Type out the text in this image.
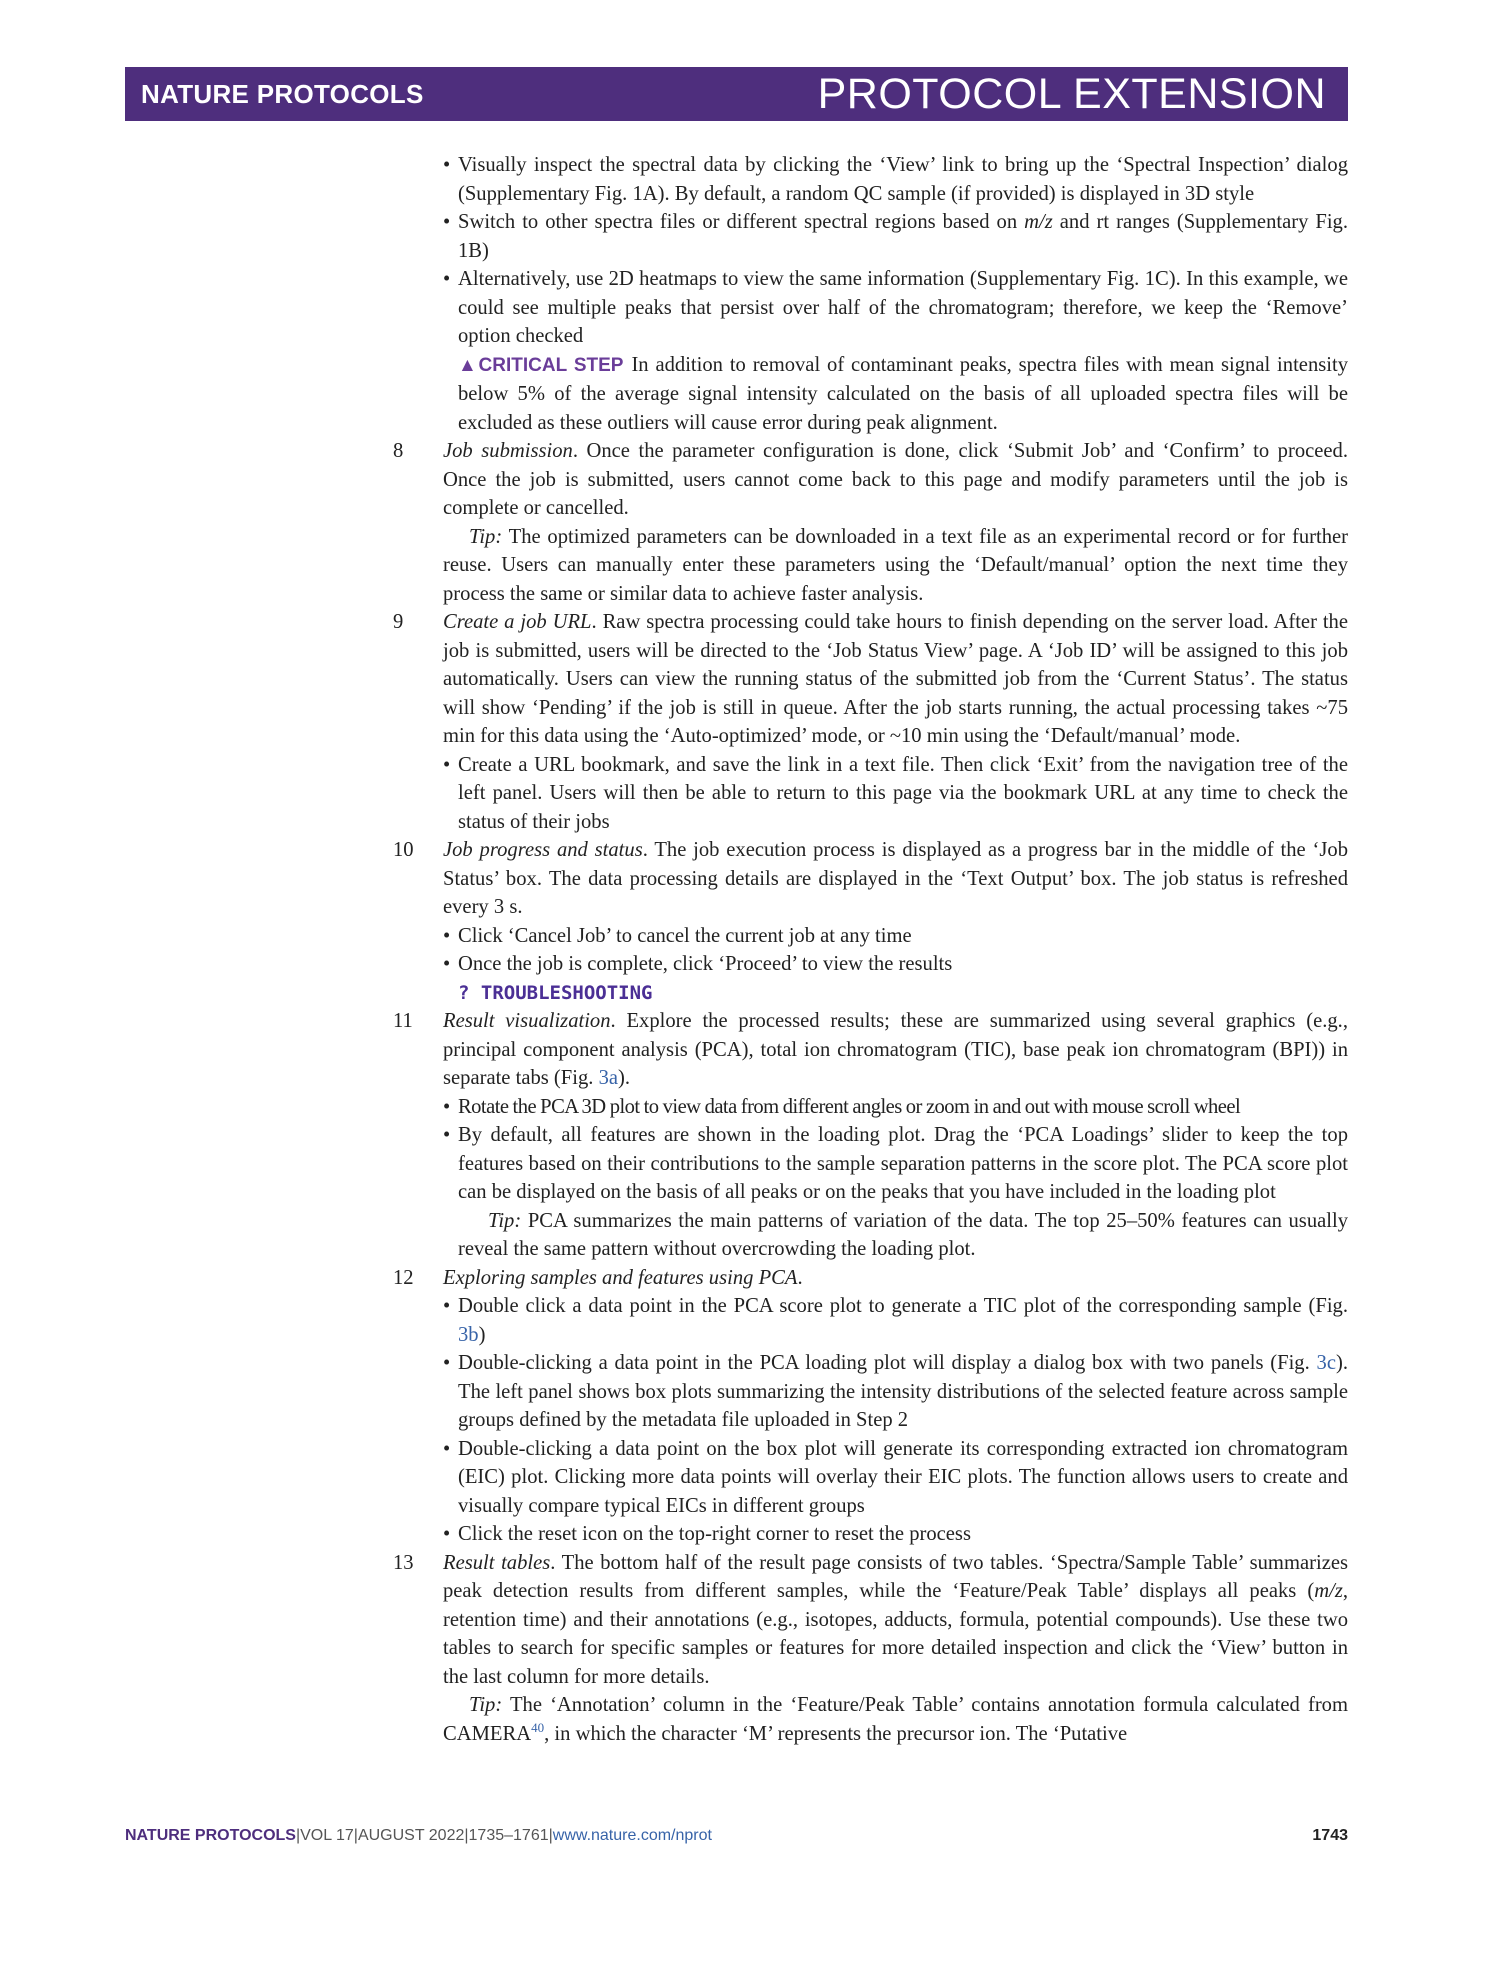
NATURE PROTOCOLS	PROTOCOL EXTENSION
• Visually inspect the spectral data by clicking the ‘View’ link to bring up the ‘Spectral Inspection’ dialog (Supplementary Fig. 1A). By default, a random QC sample (if provided) is displayed in 3D style
• Switch to other spectra files or different spectral regions based on m/z and rt ranges (Supplementary Fig. 1B)
• Alternatively, use 2D heatmaps to view the same information (Supplementary Fig. 1C). In this example, we could see multiple peaks that persist over half of the chromatogram; therefore, we keep the ‘Remove’ option checked
▲CRITICAL STEP In addition to removal of contaminant peaks, spectra files with mean signal intensity below 5% of the average signal intensity calculated on the basis of all uploaded spectra files will be excluded as these outliers will cause error during peak alignment.
8 Job submission. Once the parameter configuration is done, click ‘Submit Job’ and ‘Confirm’ to proceed. Once the job is submitted, users cannot come back to this page and modify parameters until the job is complete or cancelled.
Tip: The optimized parameters can be downloaded in a text file as an experimental record or for further reuse. Users can manually enter these parameters using the ‘Default/manual’ option the next time they process the same or similar data to achieve faster analysis.
9 Create a job URL. Raw spectra processing could take hours to finish depending on the server load. After the job is submitted, users will be directed to the ‘Job Status View’ page. A ‘Job ID’ will be assigned to this job automatically. Users can view the running status of the submitted job from the ‘Current Status’. The status will show ‘Pending’ if the job is still in queue. After the job starts running, the actual processing takes ~75 min for this data using the ‘Auto-optimized’ mode, or ~10 min using the ‘Default/manual’ mode.
• Create a URL bookmark, and save the link in a text file. Then click ‘Exit’ from the navigation tree of the left panel. Users will then be able to return to this page via the bookmark URL at any time to check the status of their jobs
10 Job progress and status. The job execution process is displayed as a progress bar in the middle of the ‘Job Status’ box. The data processing details are displayed in the ‘Text Output’ box. The job status is refreshed every 3 s.
• Click ‘Cancel Job’ to cancel the current job at any time
• Once the job is complete, click ‘Proceed’ to view the results
? TROUBLESHOOTING
11 Result visualization. Explore the processed results; these are summarized using several graphics (e.g., principal component analysis (PCA), total ion chromatogram (TIC), base peak ion chromatogram (BPI)) in separate tabs (Fig. 3a).
• Rotate the PCA 3D plot to view data from different angles or zoom in and out with mouse scroll wheel
• By default, all features are shown in the loading plot. Drag the ‘PCA Loadings’ slider to keep the top features based on their contributions to the sample separation patterns in the score plot. The PCA score plot can be displayed on the basis of all peaks or on the peaks that you have included in the loading plot
Tip: PCA summarizes the main patterns of variation of the data. The top 25–50% features can usually reveal the same pattern without overcrowding the loading plot.
12 Exploring samples and features using PCA.
• Double click a data point in the PCA score plot to generate a TIC plot of the corresponding sample (Fig. 3b)
• Double-clicking a data point in the PCA loading plot will display a dialog box with two panels (Fig. 3c). The left panel shows box plots summarizing the intensity distributions of the selected feature across sample groups defined by the metadata file uploaded in Step 2
• Double-clicking a data point on the box plot will generate its corresponding extracted ion chromatogram (EIC) plot. Clicking more data points will overlay their EIC plots. The function allows users to create and visually compare typical EICs in different groups
• Click the reset icon on the top-right corner to reset the process
13 Result tables. The bottom half of the result page consists of two tables. ‘Spectra/Sample Table’ summarizes peak detection results from different samples, while the ‘Feature/Peak Table’ displays all peaks (m/z, retention time) and their annotations (e.g., isotopes, adducts, formula, potential compounds). Use these two tables to search for specific samples or features for more detailed inspection and click the ‘View’ button in the last column for more details.
Tip: The ‘Annotation’ column in the ‘Feature/Peak Table’ contains annotation formula calculated from CAMERA$^{40}$, in which the character ‘M’ represents the precursor ion. The ‘Putative
NATURE PROTOCOLS|VOL 17|AUGUST 2022|1735–1761|www.nature.com/nprot	1743
